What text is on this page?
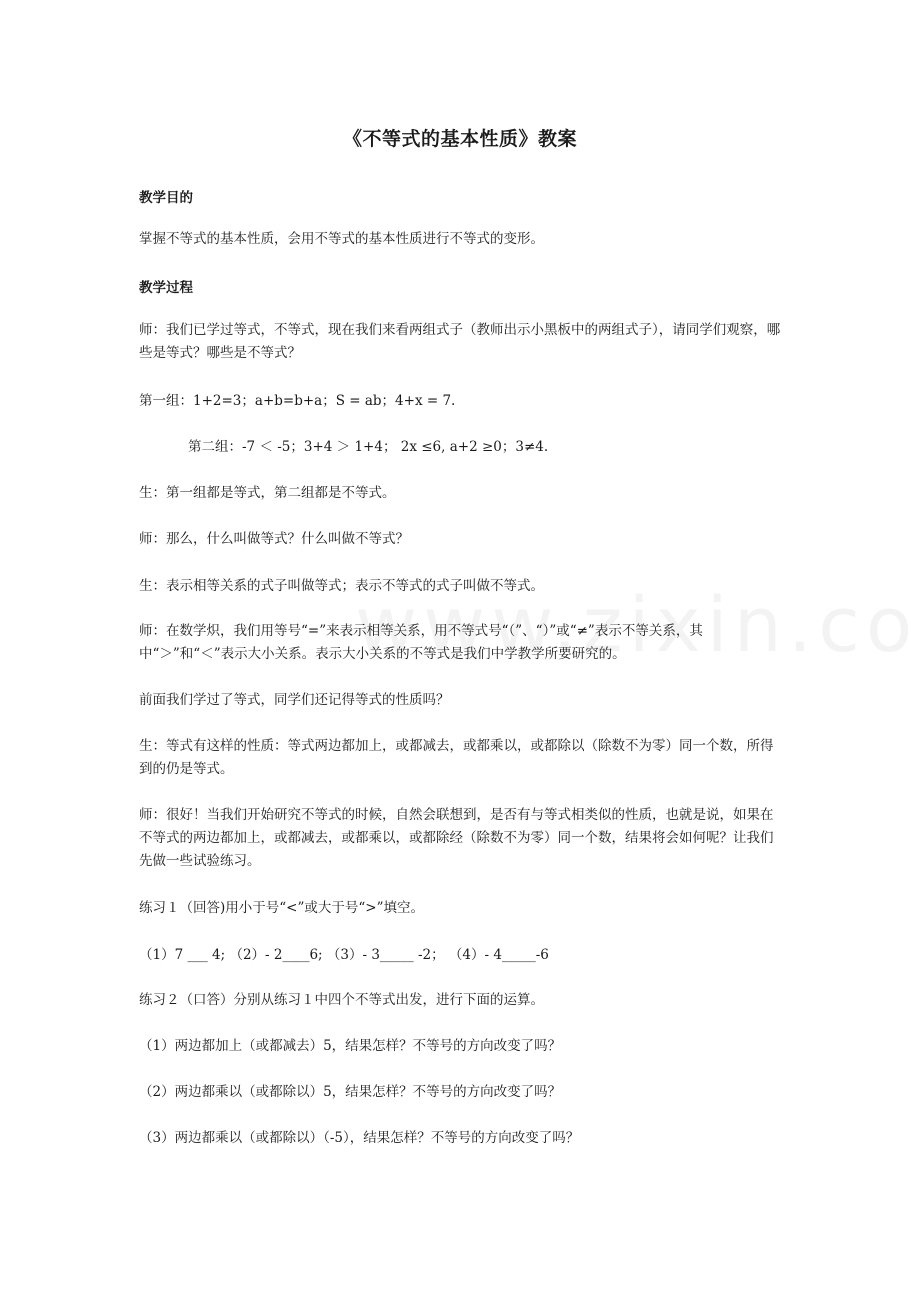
《不等式的基本性质》教案
教学目的
掌握不等式的基本性质，会用不等式的基本性质进行不等式的变形。
教学过程
师：我们已学过等式，不等式，现在我们来看两组式子（教师出示小黑板中的两组式子），请同学们观察，哪些是等式？哪些是不等式？
第一组：1+2=3；a+b=b+a；S = ab；4+x = 7.
第二组：-7 ＜ -5；3+4 ＞ 1+4； 2x ≤6, a+2 ≥0；3≠4.
生：第一组都是等式，第二组都是不等式。
师：那么，什么叫做等式？什么叫做不等式？
生：表示相等关系的式子叫做等式；表示不等式的式子叫做不等式。
师：在数学炽，我们用等号“=”来表示相等关系，用不等式号“（”、“）”或“≠”表示不等关系，其中“＞”和“＜”表示大小关系。表示大小关系的不等式是我们中学教学所要研究的。
前面我们学过了等式，同学们还记得等式的性质吗？
生：等式有这样的性质：等式两边都加上，或都减去，或都乘以，或都除以（除数不为零）同一个数，所得到的仍是等式。
师：很好！当我们开始研究不等式的时候，自然会联想到，是否有与等式相类似的性质，也就是说，如果在不等式的两边都加上，或都减去，或都乘以，或都除经（除数不为零）同一个数，结果将会如何呢？让我们先做一些试验练习。
练习１（回答)用小于号“<”或大于号“>”填空。
（1）7 ___ 4; （2）- 2____6; （3）- 3_____ -2； （4）- 4_____-6
练习２（口答）分别从练习１中四个不等式出发，进行下面的运算。
（1）两边都加上（或都减去）5，结果怎样？不等号的方向改变了吗？
（2）两边都乘以（或都除以）5，结果怎样？不等号的方向改变了吗？
（3）两边都乘以（或都除以）（-5），结果怎样？不等号的方向改变了吗？
